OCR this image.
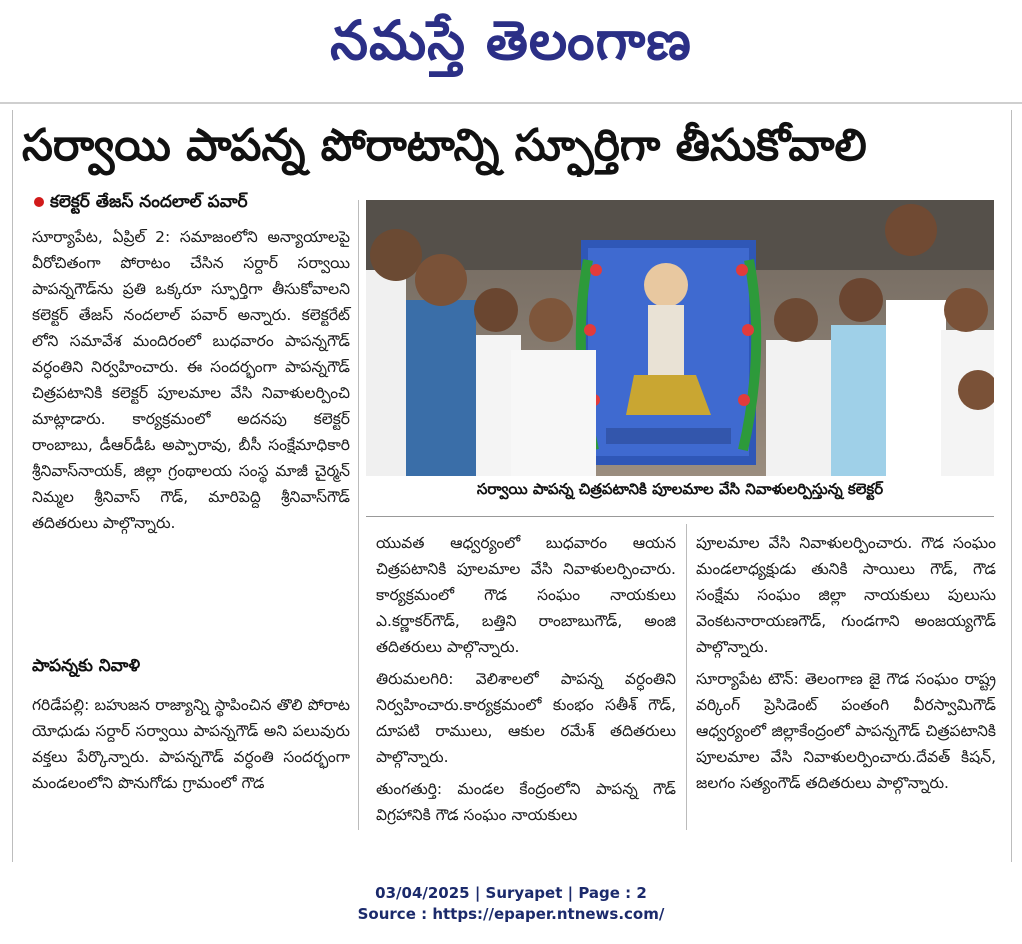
నమస్తే తెలంగాణ
సర్వాయి పాపన్న పోరాటాన్ని స్ఫూర్తిగా తీసుకోవాలి
కలెక్టర్ తేజస్ నందలాల్ పవార్

సూర్యాపేట, ఏప్రిల్ 2: సమాజంలోని అన్యాయాలపై వీరోచితంగా పోరాటం చేసిన సర్దార్ సర్వాయి పాపన్నగౌడ్‌ను ప్రతి ఒక్కరూ స్ఫూర్తిగా తీసుకోవాలని కలెక్టర్ తేజస్ నందలాల్ పవార్ అన్నారు. కలెక్టరేట్ లోని సమావేశ మందిరంలో బుధవారం పాపన్నగౌడ్ వర్ధంతిని నిర్వహించారు. ఈ సందర్భంగా పాపన్నగౌడ్ చిత్రపటానికి కలెక్టర్ పూలమాల వేసి నివాళులర్పించి మాట్లాడారు. కార్యక్రమంలో అదనపు కలెక్టర్ రాంబాబు, డీఆర్‌డీఓ అప్పారావు, బీసీ సంక్షేమాధికారి శ్రీనివాస్‌నాయక్, జిల్లా గ్రంథాలయ సంస్థ మాజీ చైర్మన్ నిమ్మల శ్రీనివాస్ గౌడ్, మారిపెద్ది శ్రీనివాస్‌గౌడ్ తదితరులు పాల్గొన్నారు.

పాపన్నకు నివాళి

గరిడేపల్లి: బహుజన రాజ్యాన్ని స్థాపించిన తొలి పోరాట యోధుడు సర్దార్ సర్వాయి పాపన్నగౌడ్ అని పలువురు వక్తలు పేర్కొన్నారు. పాపన్నగౌడ్ వర్ధంతి సందర్భంగా మండలంలోని పొనుగోడు గ్రామంలో గౌడ

సర్వాయి పాపన్న చిత్రపటానికి పూలమాల వేసి నివాళులర్పిస్తున్న కలెక్టర్

యువత ఆధ్వర్యంలో బుధవారం ఆయన చిత్రపటానికి పూలమాల వేసి నివాళులర్పించారు. కార్యక్రమంలో గౌడ సంఘం నాయకులు ఎ.కర్ణాకర్‌గౌడ్, బత్తిని రాంబాబుగౌడ్, అంజి తదితరులు పాల్గొన్నారు.

తిరుమలగిరి: వెలిశాలలో పాపన్న వర్ధంతిని నిర్వహించారు.కార్యక్రమంలో కుంభం సతీశ్ గౌడ్, దూపటి రాములు, ఆకుల రమేశ్ తదితరులు పాల్గొన్నారు.

తుంగతుర్తి: మండల కేంద్రంలోని పాపన్న గౌడ్ విగ్రహానికి గౌడ సంఘం నాయకులు

పూలమాల వేసి నివాళులర్పించారు. గౌడ సంఘం మండలాధ్యక్షుడు తునికి సాయిలు గౌడ్, గౌడ సంక్షేమ సంఘం జిల్లా నాయకులు పులుసు వెంకటనారాయణగౌడ్, గుండగాని అంజయ్యగౌడ్ పాల్గొన్నారు.

సూర్యాపేట టౌన్: తెలంగాణ జై గౌడ సంఘం రాష్ట్ర వర్కింగ్ ప్రెసిడెంట్ పంతంగి వీరస్వామిగౌడ్ ఆధ్వర్యంలో జిల్లాకేంద్రంలో పాపన్నగౌడ్ చిత్రపటానికి పూలమాల వేసి నివాళులర్పించారు.దేవత్ కిషన్, జలగం సత్యంగౌడ్ తదితరులు పాల్గొన్నారు.

03/04/2025 | Suryapet | Page : 2
Source : https://epaper.ntnews.com/
